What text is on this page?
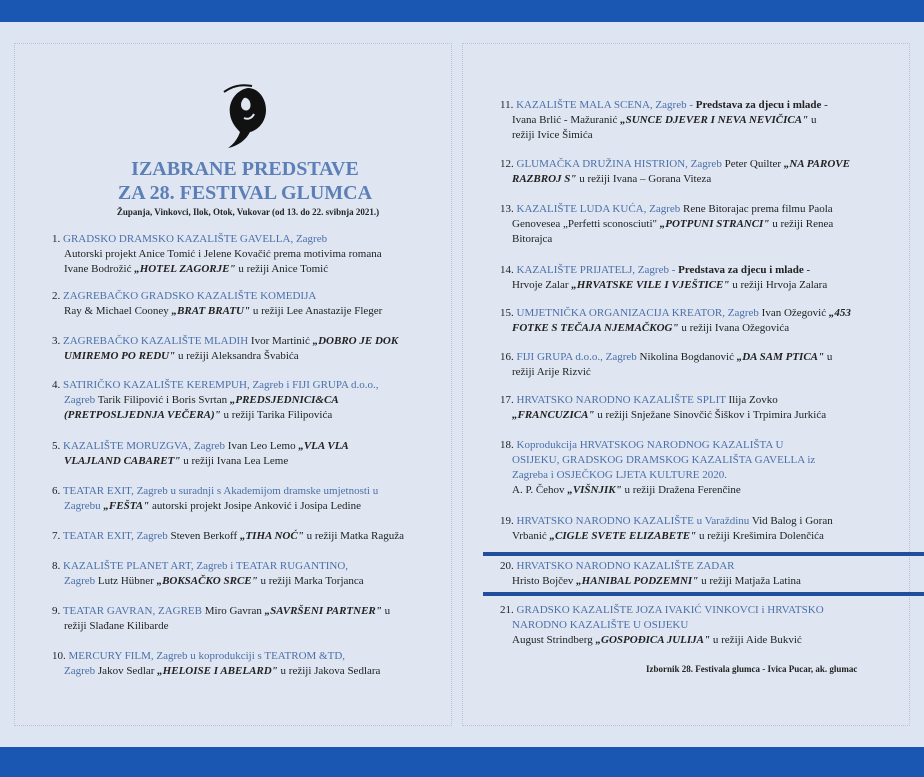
IZABRANE PREDSTAVE
ZA 28. FESTIVAL GLUMCA
Županja, Vinkovci, Ilok, Otok, Vukovar (od 13. do 22. svibnja 2021.)
1. GRADSKO DRAMSKO KAZALIŠTE GAVELLA, Zagreb
Autorski projekt Anice Tomić i Jelene Kovačić prema motivima romana
Ivane Bodrožić „HOTEL ZAGORJE" u režiji Anice Tomić
2. ZAGREBAČKO GRADSKO KAZALIŠTE KOMEDIJA
Ray & Michael Cooney „BRAT BRATU" u režiji Lee Anastazije Fleger
3. ZAGREBAČKO KAZALIŠTE MLADIH Ivor Martinić „DOBRO JE DOK
UMIREMO PO REDU" u režiji Aleksandra Švabića
4. SATIRIČKO KAZALIŠTE KEREMPUH, Zagreb i FIJI GRUPA d.o.o.,
Zagreb Tarik Filipović i Boris Svrtan „PREDSJEDNICI&CA
(PRETPOSLJEDNJA VEČERA)" u režiji Tarika Filipovića
5. KAZALIŠTE MORUZGVA, Zagreb Ivan Leo Lemo „VLA VLA
VLAJLAND CABARET" u režiji Ivana Lea Leme
6. TEATAR EXIT, Zagreb u suradnji s Akademijom dramske umjetnosti u
Zagrebu „FEŠTA" autorski projekt Josipe Anković i Josipa Ledine
7. TEATAR EXIT, Zagreb Steven Berkoff „TIHA NOĆ" u režiji Matka Raguža
8. KAZALIŠTE PLANET ART, Zagreb i TEATAR RUGANTINO,
Zagreb Lutz Hübner „BOKSAČKO SRCE" u režiji Marka Torjanca
9. TEATAR GAVRAN, ZAGREB Miro Gavran „SAVRŠENI PARTNER" u
režiji Slađane Kilibarde
10. MERCURY FILM, Zagreb u koprodukciji s TEATROM &TD,
Zagreb Jakov Sedlar „HELOISE I ABELARD" u režiji Jakova Sedlara
11. KAZALIŠTE MALA SCENA, Zagreb - Predstava za djecu i mlade -
Ivana Brlić - Mažuranić „SUNCE DJEVER I NEVA NEVIČICA" u
režiji Ivice Šimića
12. GLUMAČKA DRUŽINA HISTRION, Zagreb Peter Quilter „NA PAROVE
RAZBROJ S" u režiji Ivana – Gorana Viteza
13. KAZALIŠTE LUDA KUĆA, Zagreb Rene Bitorajac prema filmu Paola
Genovesea „Perfetti sconosciuti" „POTPUNI STRANCI" u režiji Renea
Bitorajca
14. KAZALIŠTE PRIJATELJ, Zagreb - Predstava za djecu i mlade -
Hrvoje Zalar „HRVATSKE VILE I VJEŠTICE" u režiji Hrvoja Zalara
15. UMJETNIČKA ORGANIZACIJA KREATOR, Zagreb Ivan Ožegović „453
FOTKE S TEČAJA NJEMAČKOG" u režiji Ivana Ožegovića
16. FIJI GRUPA d.o.o., Zagreb Nikolina Bogdanović „DA SAM PTICA" u
režiji Arije Rizvić
17. HRVATSKO NARODNO KAZALIŠTE SPLIT Ilija Zovko
„FRANCUZICA" u režiji Snježane Sinovčić Šiškov i Trpimira Jurkića
18. Koprodukcija HRVATSKOG NARODNOG KAZALIŠTA U
OSIJEKU, GRADSKOG DRAMSKOG KAZALIŠTA GAVELLA iz
Zagreba i OSJEČKOG LJETA KULTURE 2020.
A. P. Čehov „VIŠNJIK" u režiji Dražena Ferenčine
19. HRVATSKO NARODNO KAZALIŠTE u Varaždinu Vid Balog i Goran
Vrbanić „CIGLE SVETE ELIZABETE" u režiji Krešimira Dolenčića
20. HRVATSKO NARODNO KAZALIŠTE ZADAR
Hristo Bojčev „HANIBAL PODZEMNI" u režiji Matjaža Latina
21. GRADSKO KAZALIŠTE JOZA IVAKIĆ VINKOVCI i HRVATSKO
NARODNO KAZALIŠTE U OSIJEKU
August Strindberg „GOSPOĐICA JULIJA" u režiji Aide Bukvić
Izbornik 28. Festivala glumca - Ivica Pucar, ak. glumac
